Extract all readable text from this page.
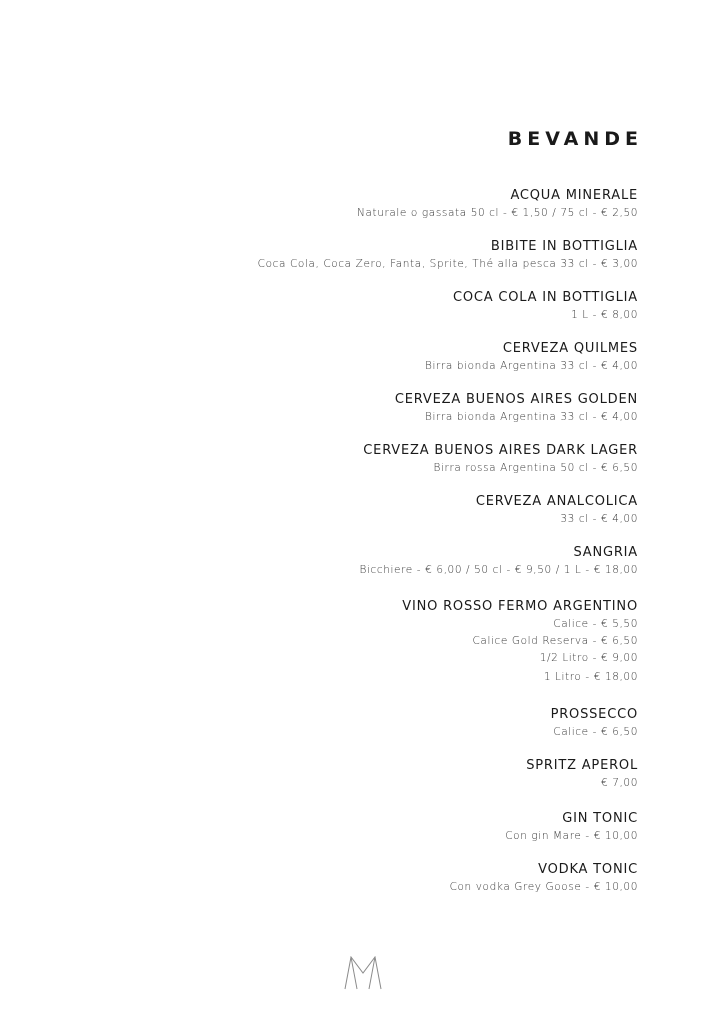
BEVANDE
ACQUA MINERALE
Naturale o gassata 50 cl - € 1,50 / 75 cl - € 2,50
BIBITE IN BOTTIGLIA
Coca Cola, Coca Zero, Fanta, Sprite, Thé alla pesca 33 cl - € 3,00
COCA COLA IN BOTTIGLIA
1 L - € 8,00
CERVEZA QUILMES
Birra bionda Argentina 33 cl - € 4,00
CERVEZA BUENOS AIRES GOLDEN
Birra bionda Argentina 33 cl - € 4,00
CERVEZA BUENOS AIRES DARK LAGER
Birra rossa Argentina 50 cl - € 6,50
CERVEZA ANALCOLICA
33 cl - € 4,00
SANGRIA
Bicchiere - € 6,00 / 50 cl - € 9,50 / 1 L - € 18,00
VINO ROSSO FERMO ARGENTINO
Calice - € 5,50
Calice Gold Reserva - € 6,50
1/2 Litro - € 9,00
1 Litro - € 18,00
PROSSECCO
Calice - € 6,50
SPRITZ APEROL
€ 7,00
GIN TONIC
Con gin Mare - € 10,00
VODKA TONIC
Con vodka Grey Goose - € 10,00
